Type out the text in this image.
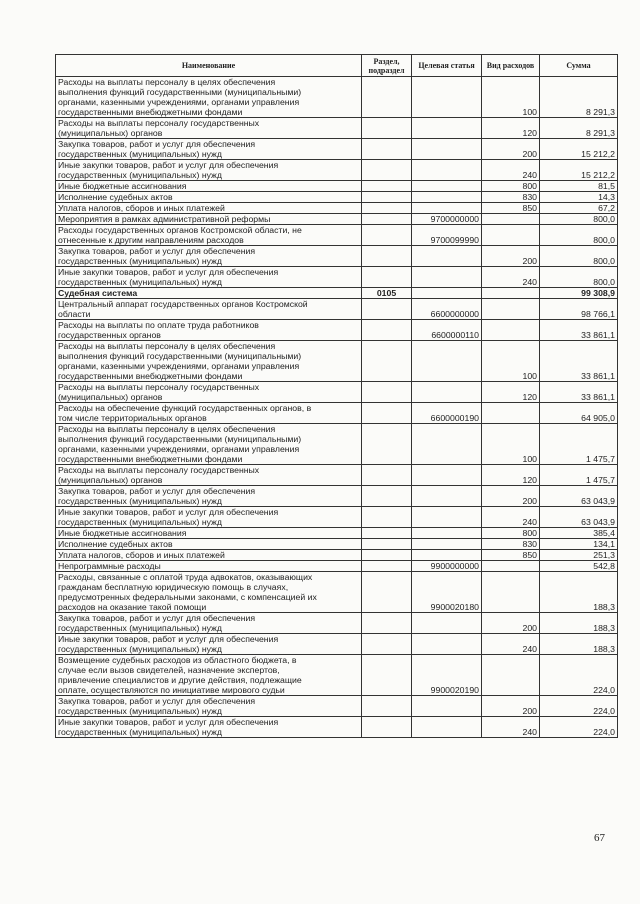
Наименование	Раздел, подраздел	Целевая статья	Вид расходов	Сумма
Расходы на выплаты персоналу в целях обеспечения
выполнения функций государственными (муниципальными)
органами, казенными учреждениями, органами управления
государственными внебюджетными фондами			100	8 291,3
Расходы на выплаты персоналу государственных
(муниципальных) органов			120	8 291,3
Закупка товаров, работ и услуг для обеспечения
государственных (муниципальных) нужд			200	15 212,2
Иные закупки товаров, работ и услуг для обеспечения
государственных (муниципальных) нужд			240	15 212,2
Иные бюджетные ассигнования			800	81,5
Исполнение судебных актов			830	14,3
Уплата налогов, сборов и иных платежей			850	67,2
Мероприятия в рамках административной реформы		9700000000		800,0
Расходы государственных органов Костромской области, не
отнесенные к другим направлениям расходов		9700099990		800,0
Закупка товаров, работ и услуг для обеспечения
государственных (муниципальных) нужд			200	800,0
Иные закупки товаров, работ и услуг для обеспечения
государственных (муниципальных) нужд			240	800,0
Судебная система	0105			99 308,9
Центральный аппарат государственных органов Костромской
области		6600000000		98 766,1
Расходы на выплаты по оплате труда работников
государственных органов		6600000110		33 861,1
Расходы на выплаты персоналу в целях обеспечения
выполнения функций государственными (муниципальными)
органами, казенными учреждениями, органами управления
государственными внебюджетными фондами			100	33 861,1
Расходы на выплаты персоналу государственных
(муниципальных) органов			120	33 861,1
Расходы на обеспечение функций государственных органов, в
том числе территориальных органов		6600000190		64 905,0
Расходы на выплаты персоналу в целях обеспечения
выполнения функций государственными (муниципальными)
органами, казенными учреждениями, органами управления
государственными внебюджетными фондами			100	1 475,7
Расходы на выплаты персоналу государственных
(муниципальных) органов			120	1 475,7
Закупка товаров, работ и услуг для обеспечения
государственных (муниципальных) нужд			200	63 043,9
Иные закупки товаров, работ и услуг для обеспечения
государственных (муниципальных) нужд			240	63 043,9
Иные бюджетные ассигнования			800	385,4
Исполнение судебных актов			830	134,1
Уплата налогов, сборов и иных платежей			850	251,3
Непрограммные расходы		9900000000		542,8
Расходы, связанные с оплатой труда адвокатов, оказывающих
гражданам бесплатную юридическую помощь в случаях,
предусмотренных федеральными законами, с компенсацией их
расходов на оказание такой помощи		9900020180		188,3
Закупка товаров, работ и услуг для обеспечения
государственных (муниципальных) нужд			200	188,3
Иные закупки товаров, работ и услуг для обеспечения
государственных (муниципальных) нужд			240	188,3
Возмещение судебных расходов из областного бюджета, в
случае если вызов свидетелей, назначение экспертов,
привлечение специалистов и другие действия, подлежащие
оплате, осуществляются по инициативе мирового судьи		9900020190		224,0
Закупка товаров, работ и услуг для обеспечения
государственных (муниципальных) нужд			200	224,0
Иные закупки товаров, работ и услуг для обеспечения
государственных (муниципальных) нужд			240	224,0
67
